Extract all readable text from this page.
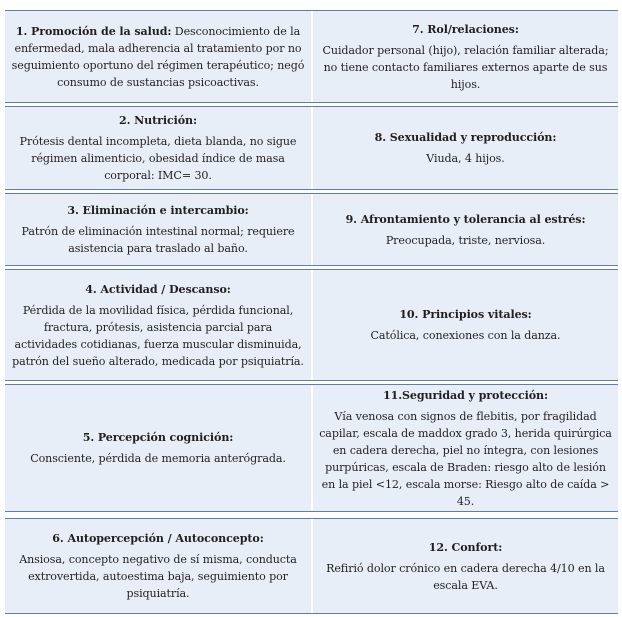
1. Promoción de la salud: Desconocimiento de la enfermedad, mala adherencia al tratamiento por no seguimiento oportuno del régimen terapéutico; negó consumo de sustancias psicoactivas.
7. Rol/relaciones:
Cuidador personal (hijo), relación familiar alterada; no tiene contacto familiares externos aparte de sus hijos.
2. Nutrición:
Prótesis dental incompleta, dieta blanda, no sigue régimen alimenticio, obesidad índice de masa corporal: IMC= 30.
8. Sexualidad y reproducción:
Viuda, 4 hijos.
3. Eliminación e intercambio:
Patrón de eliminación intestinal normal; requiere asistencia para traslado al baño.
9. Afrontamiento y tolerancia al estrés:
Preocupada, triste, nerviosa.
4. Actividad / Descanso:
Pérdida de la movilidad física, pérdida funcional, fractura, prótesis, asistencia parcial para actividades cotidianas, fuerza muscular disminuida, patrón del sueño alterado, medicada por psiquiatría.
10. Principios vitales:
Católica, conexiones con la danza.
5. Percepción cognición:
Consciente, pérdida de memoria anterógrada.
11.Seguridad y protección:
Vía venosa con signos de flebitis, por fragilidad capilar, escala de maddox grado 3, herida quirúrgica en cadera derecha, piel no íntegra, con lesiones purpúricas, escala de Braden: riesgo alto de lesión en la piel <12, escala morse: Riesgo alto de caída > 45.
6. Autopercepción / Autoconcepto:
Ansiosa, concepto negativo de sí misma, conducta extrovertida, autoestima baja, seguimiento por psiquiatría.
12. Confort:
Refirió dolor crónico en cadera derecha 4/10 en la escala EVA.
